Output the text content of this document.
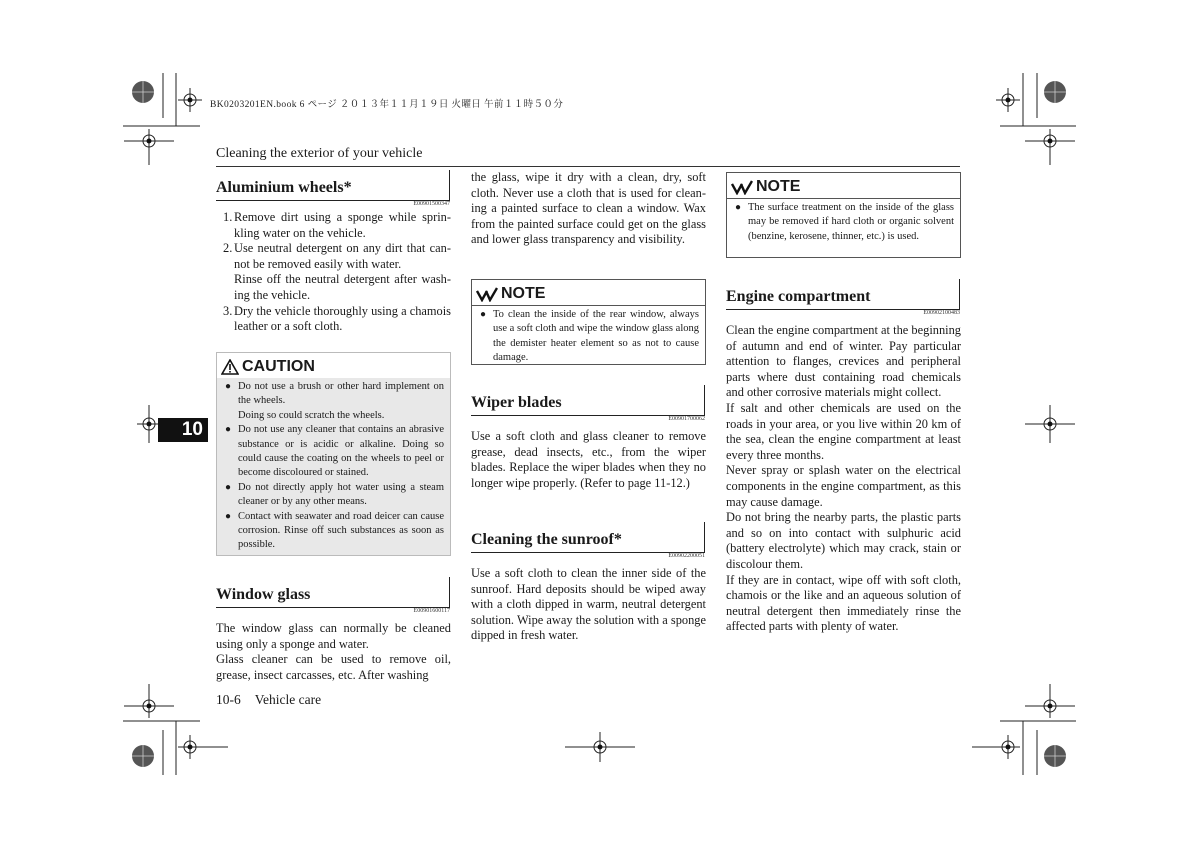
BK0203201EN.book 6 ページ ２０１３年１１月１９日 火曜日 午前１１時５０分
Cleaning the exterior of your vehicle
10
Aluminium wheels*
E00901500347
1. Remove dirt using a sponge while sprinkling water on the vehicle.
2. Use neutral detergent on any dirt that cannot be removed easily with water.
Rinse off the neutral detergent after washing the vehicle.
3. Dry the vehicle thoroughly using a chamois leather or a soft cloth.
CAUTION
● Do not use a brush or other hard implement on the wheels.
Doing so could scratch the wheels.
● Do not use any cleaner that contains an abrasive substance or is acidic or alkaline. Doing so could cause the coating on the wheels to peel or become discoloured or stained.
● Do not directly apply hot water using a steam cleaner or by any other means.
● Contact with seawater and road deicer can cause corrosion. Rinse off such substances as soon as possible.
Window glass
E00901600117
The window glass can normally be cleaned using only a sponge and water.
Glass cleaner can be used to remove oil, grease, insect carcasses, etc. After washing
the glass, wipe it dry with a clean, dry, soft cloth. Never use a cloth that is used for cleaning a painted surface to clean a window. Wax from the painted surface could get on the glass and lower glass transparency and visibility.
NOTE
● To clean the inside of the rear window, always use a soft cloth and wipe the window glass along the demister heater element so as not to cause damage.
Wiper blades
E00901700062
Use a soft cloth and glass cleaner to remove grease, dead insects, etc., from the wiper blades. Replace the wiper blades when they no longer wipe properly. (Refer to page 11-12.)
Cleaning the sunroof*
E00902200051
Use a soft cloth to clean the inner side of the sunroof. Hard deposits should be wiped away with a cloth dipped in warm, neutral detergent solution. Wipe away the solution with a sponge dipped in fresh water.
NOTE
● The surface treatment on the inside of the glass may be removed if hard cloth or organic solvent (benzine, kerosene, thinner, etc.) is used.
Engine compartment
E00902100483

Clean the engine compartment at the beginning of autumn and end of winter. Pay particular attention to flanges, crevices and peripheral parts where dust containing road chemicals and other corrosive materials might collect.

If salt and other chemicals are used on the roads in your area, or you live within 20 km of the sea, clean the engine compartment at least every three months.

Never spray or splash water on the electrical components in the engine compartment, as this may cause damage.

Do not bring the nearby parts, the plastic parts and so on into contact with sulphuric acid (battery electrolyte) which may crack, stain or discolour them.

If they are in contact, wipe off with soft cloth, chamois or the like and an aqueous solution of neutral detergent then immediately rinse the affected parts with plenty of water.

10-6 Vehicle care
